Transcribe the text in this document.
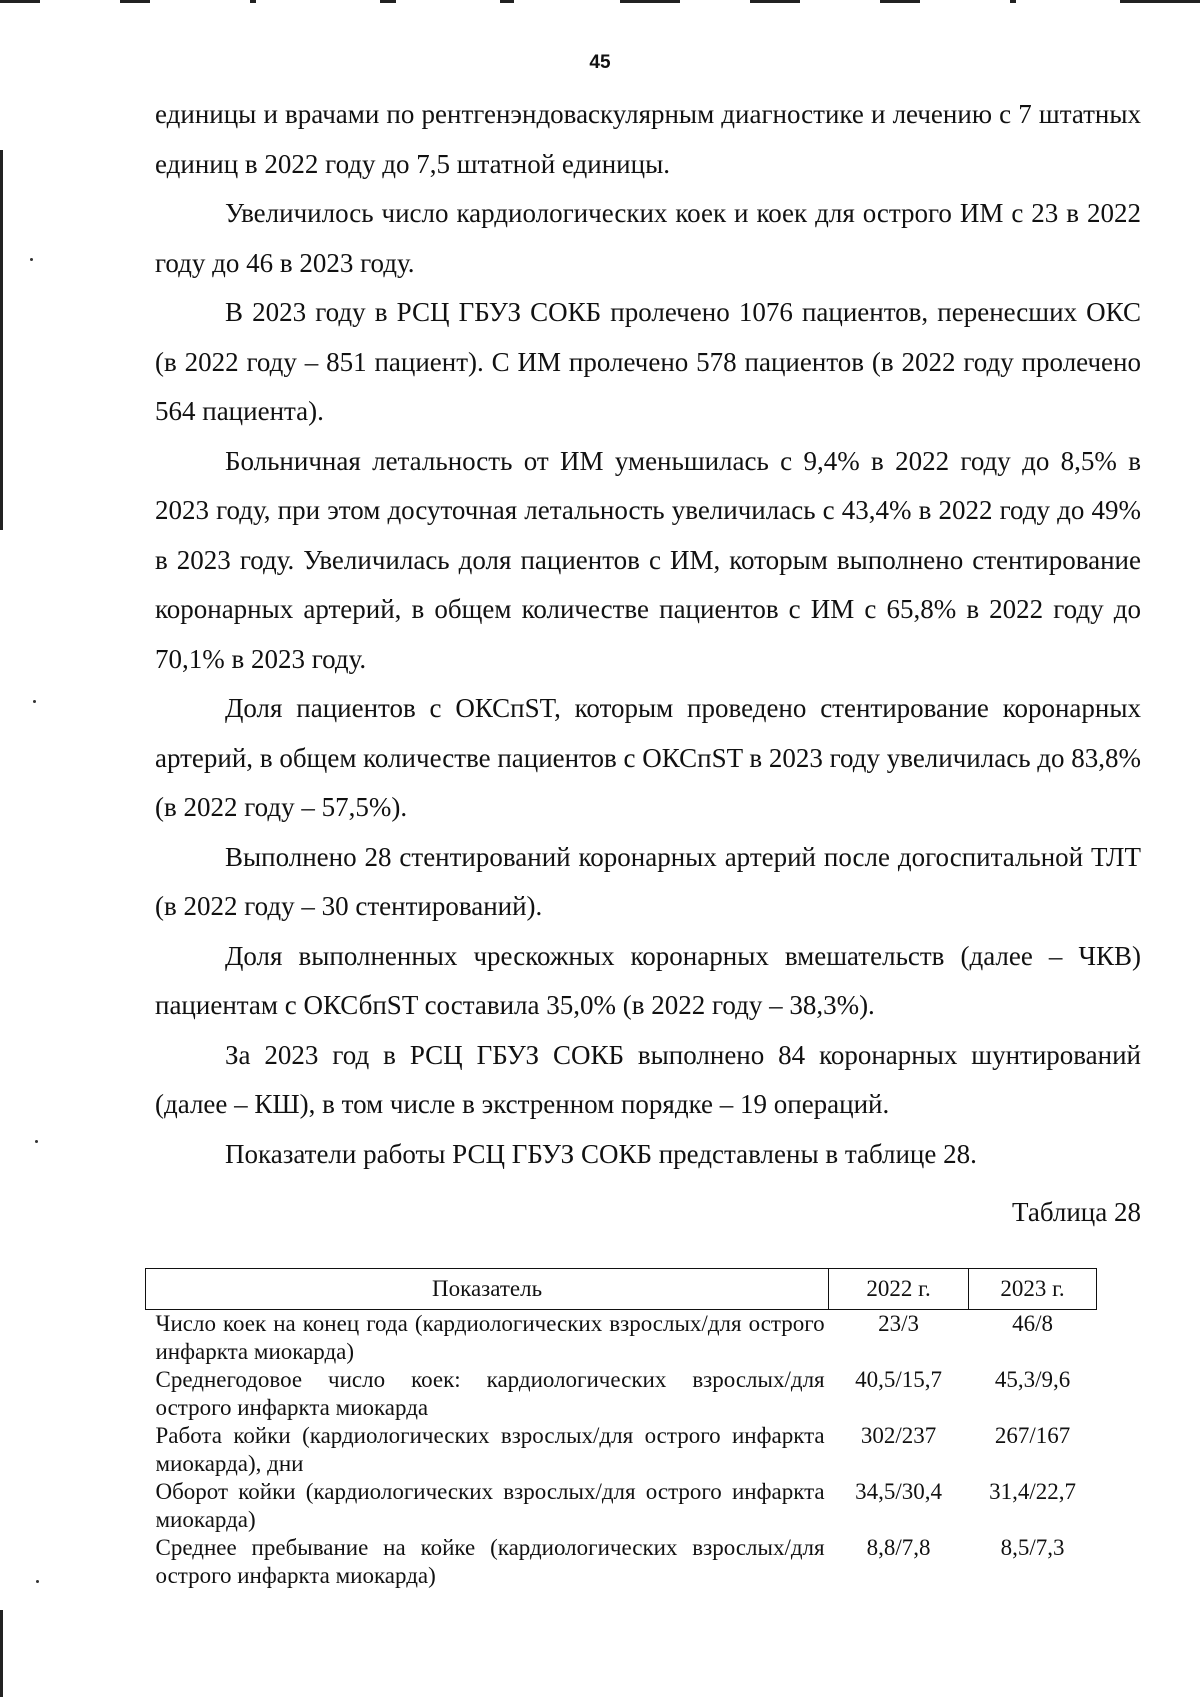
45

единицы и врачами по рентгенэндоваскулярным диагностике и лечению с 7 штатных единиц в 2022 году до 7,5 штатной единицы.

Увеличилось число кардиологических коек и коек для острого ИМ с 23 в 2022 году до 46 в 2023 году.

В 2023 году в РСЦ ГБУЗ СОКБ пролечено 1076 пациентов, перенесших ОКС (в 2022 году – 851 пациент). С ИМ пролечено 578 пациентов (в 2022 году пролечено 564 пациента).

Больничная летальность от ИМ уменьшилась с 9,4% в 2022 году до 8,5% в 2023 году, при этом досуточная летальность увеличилась с 43,4% в 2022 году до 49% в 2023 году. Увеличилась доля пациентов с ИМ, которым выполнено стентирование коронарных артерий, в общем количестве пациентов с ИМ с 65,8% в 2022 году до 70,1% в 2023 году.

Доля пациентов с ОКСпST, которым проведено стентирование коронарных артерий, в общем количестве пациентов с ОКСпST в 2023 году увеличилась до 83,8% (в 2022 году – 57,5%).

Выполнено 28 стентирований коронарных артерий после догоспитальной ТЛТ (в 2022 году – 30 стентирований).

Доля выполненных чрескожных коронарных вмешательств (далее – ЧКВ) пациентам с ОКСбпST составила 35,0% (в 2022 году – 38,3%).

За 2023 год в РСЦ ГБУЗ СОКБ выполнено 84 коронарных шунтирований (далее – КШ), в том числе в экстренном порядке – 19 операций.

Показатели работы РСЦ ГБУЗ СОКБ представлены в таблице 28.

Таблица 28
Показатель	2022 г.	2023 г.
Число коек на конец года (кардиологических взрослых/для острого инфаркта миокарда)	23/3	46/8
Среднегодовое число коек: кардиологических взрослых/для острого инфаркта миокарда	40,5/15,7	45,3/9,6
Работа койки (кардиологических взрослых/для острого инфаркта миокарда), дни	302/237	267/167
Оборот койки (кардиологических взрослых/для острого инфаркта миокарда)	34,5/30,4	31,4/22,7
Среднее пребывание на койке (кардиологических взрослых/для острого инфаркта миокарда)	8,8/7,8	8,5/7,3
